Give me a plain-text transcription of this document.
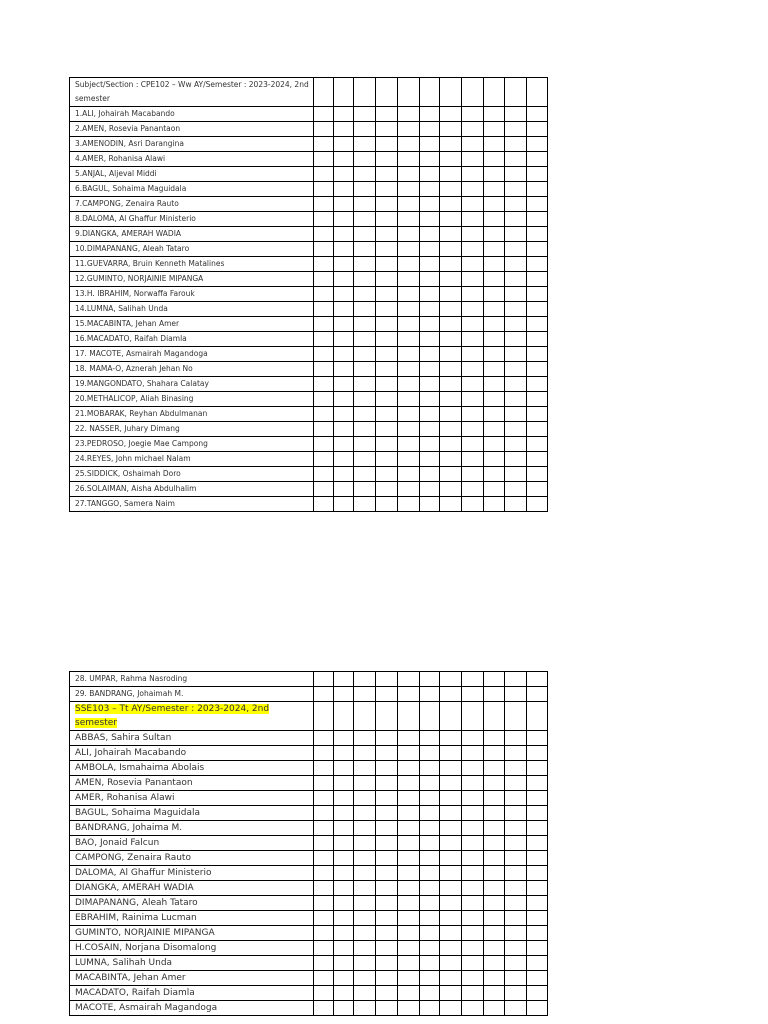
Subject/Section : CPE102 – Ww AY/Semester : 2023-2024, 2nd semester											
1.ALI, Johairah Macabando											
2.AMEN, Rosevia Panantaon											
3.AMENODIN, Asri Darangina											
4.AMER, Rohanisa Alawi											
5.ANJAL, Aljeval Middi											
6.BAGUL, Sohaima Maguidala											
7.CAMPONG, Zenaira Rauto											
8.DALOMA, Al Ghaffur Ministerio											
9.DIANGKA, AMERAH WADIA											
10.DIMAPANANG, Aleah Tataro											
11.GUEVARRA, Bruin Kenneth Matalines											
12.GUMINTO, NORJAINIE MIPANGA											
13.H. IBRAHIM, Norwaffa Farouk											
14.LUMNA, Salihah Unda											
15.MACABINTA, Jehan Amer											
16.MACADATO, Raifah Diamla											
17. MACOTE, Asmairah Magandoga											
18. MAMA-O, Aznerah Jehan No											
19.MANGONDATO, Shahara Calatay											
20.METHALICOP, Aliah Binasing											
21.MOBARAK, Reyhan Abdulmanan											
22. NASSER, Juhary Dimang											
23.PEDROSO, Joegie Mae Campong											
24.REYES, John michael Nalam											
25.SIDDICK, Oshaimah Doro											
26.SOLAIMAN, Aisha Abdulhalim											
27.TANGGO, Samera Naim											
28. UMPAR, Rahma Nasroding											
29. BANDRANG, Johaimah M.											
SSE103 – Tt AY/Semester : 2023-2024, 2nd semester											
ABBAS, Sahira Sultan											
ALI, Johairah Macabando											
AMBOLA, Ismahaima Abolais											
AMEN, Rosevia Panantaon											
AMER, Rohanisa Alawi											
BAGUL, Sohaima Maguidala											
BANDRANG, Johaima M.											
BAO, Jonaid Falcun											
CAMPONG, Zenaira Rauto											
DALOMA, Al Ghaffur Ministerio											
DIANGKA, AMERAH WADIA											
DIMAPANANG, Aleah Tataro											
EBRAHIM, Rainima Lucman											
GUMINTO, NORJAINIE MIPANGA											
H.COSAIN, Norjana Disomalong											
LUMNA, Salihah Unda											
MACABINTA, Jehan Amer											
MACADATO, Raifah Diamla											
MACOTE, Asmairah Magandoga											
